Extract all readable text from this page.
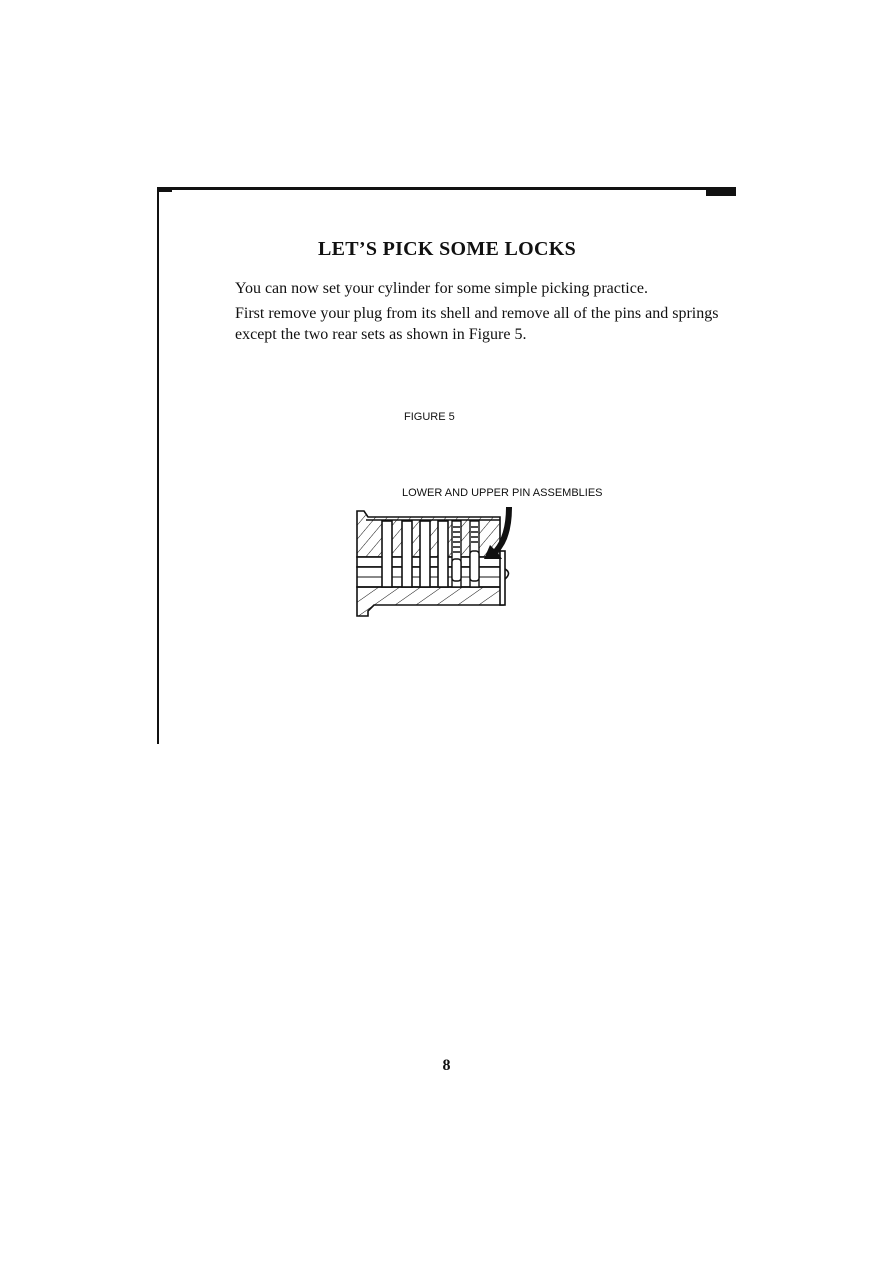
LET’S PICK SOME LOCKS

You can now set your cylinder for some simple picking practice.

First remove your plug from its shell and remove all of the pins and springs except the two rear sets as shown in Figure 5.

FIGURE 5

LOWER AND UPPER PIN ASSEMBLIES

8
